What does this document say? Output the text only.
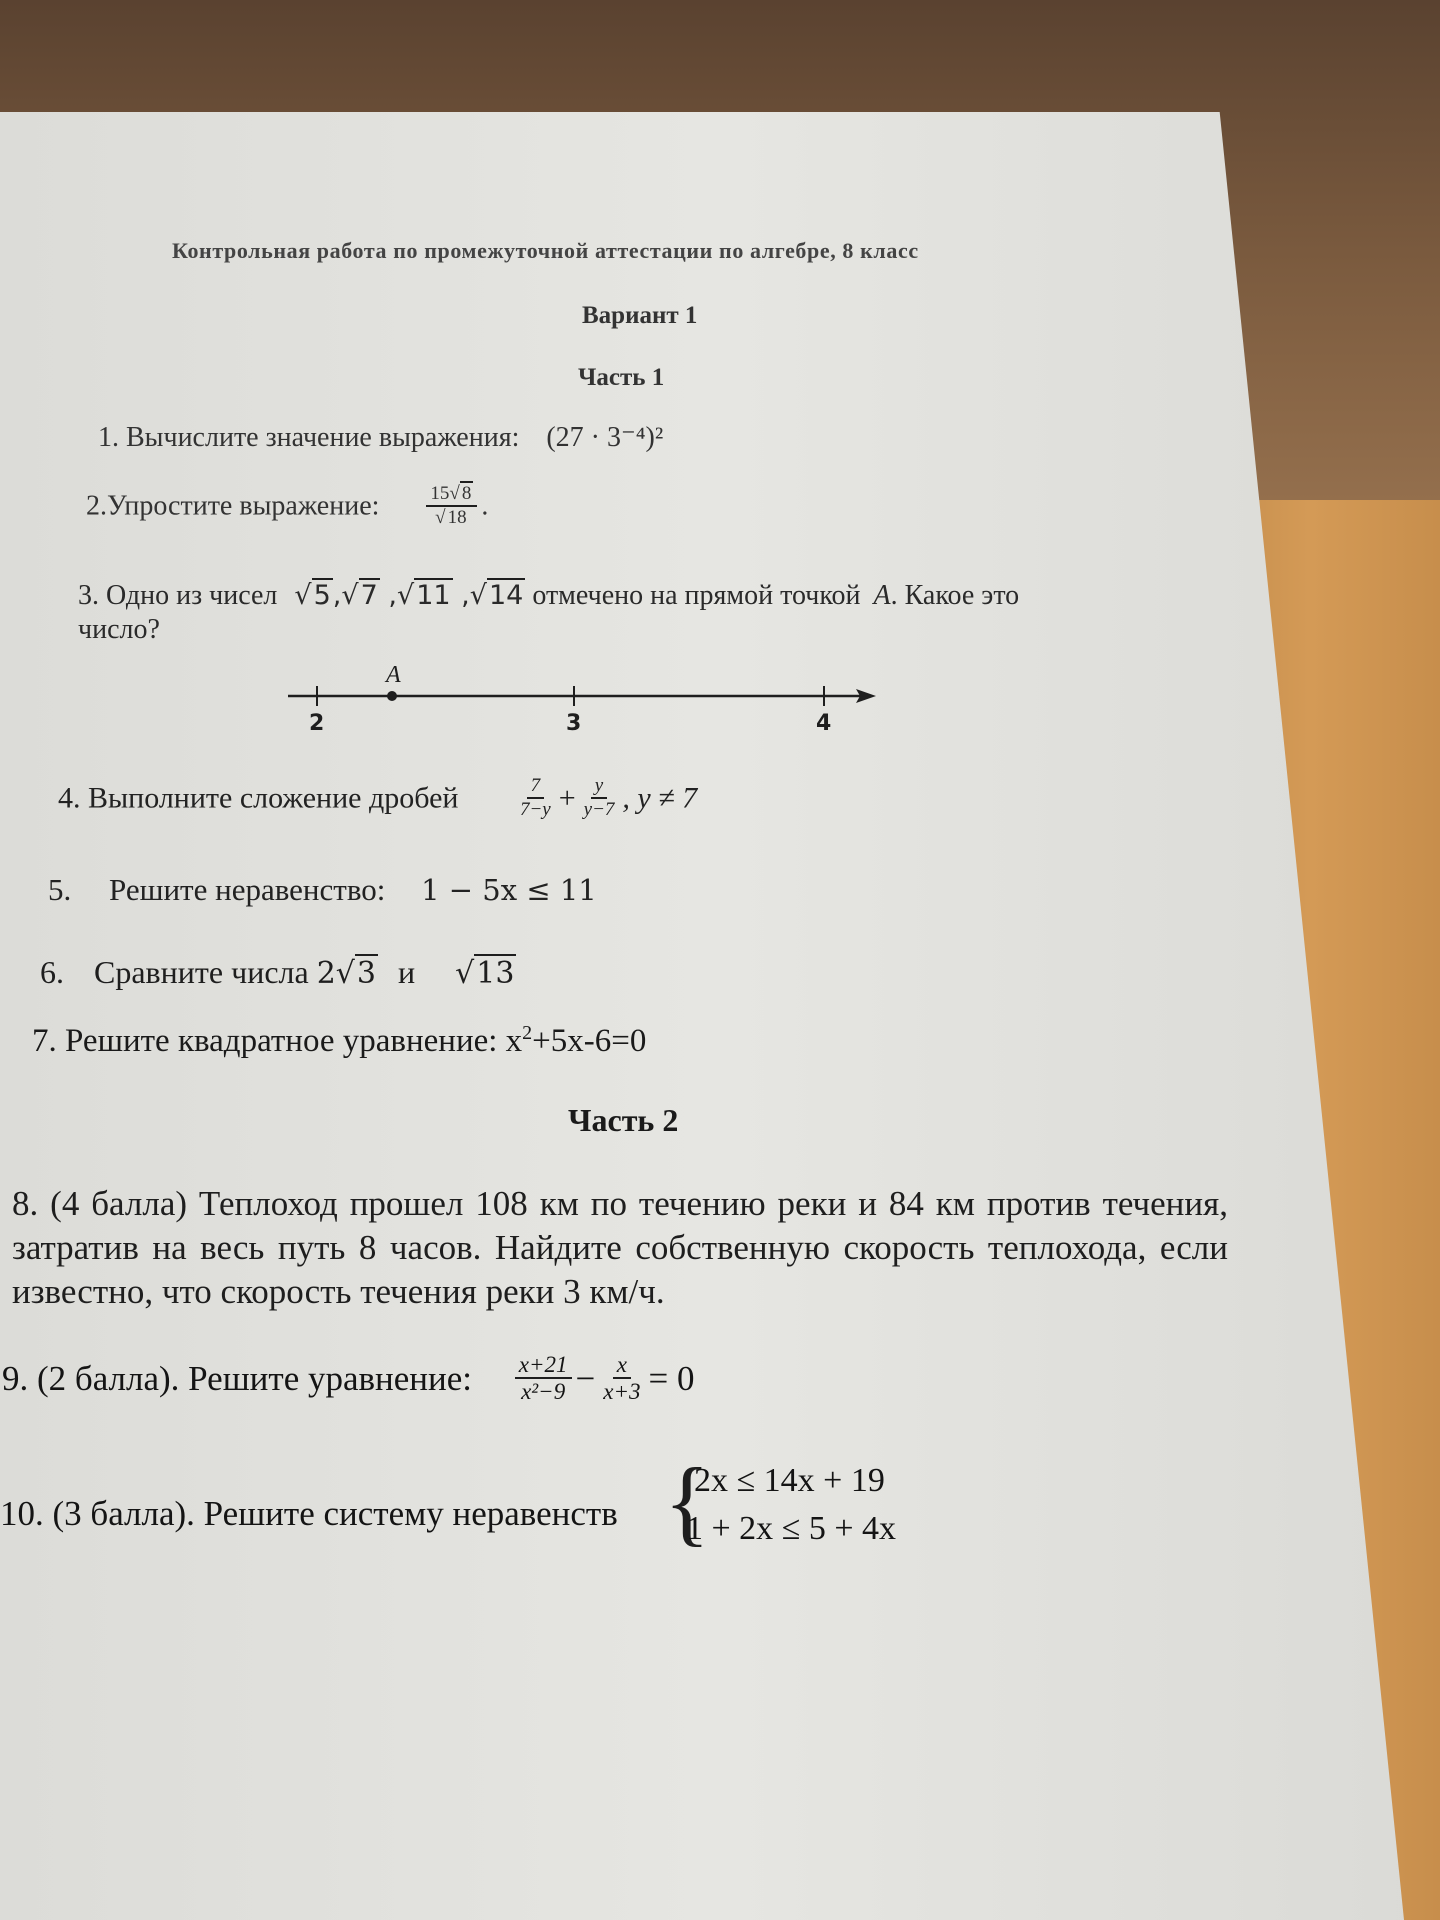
Контрольная работа по промежуточной аттестации по алгебре, 8 класс
Вариант 1
Часть 1
1. Вычислите значение выражения: (27 · 3⁻⁴)²
2.Упростите выражение: $\frac{15√ 8}{√ 18}$ .
3. Одно из чисел √5,√7 ,√11 ,√14 отмечено на прямой точкой А. Какое это
число?
A
2	3	4
4. Выполните сложение дробей	$\frac{7}{7-y} + \frac{y}{y-7}$ , y ≠ 7
5. Решите неравенство: 1 − 5x ≤ 11
6. Сравните числа 2√3 и √13
7. Решите квадратное уравнение: $x^2+5x-6=0$
Часть 2
8. (4 балла) Теплоход прошел 108 км по течению реки и 84 км против течения, затратив на весь путь 8 часов. Найдите собственную скорость теплохода, если известно, что скорость течения реки 3 км/ч.
9. (2 балла). Решите уравнение: $\frac{x+21}{\text{x²−9}} - \frac{x}{x+3} = 0$
10. (3 балла). Решите систему неравенств {
2x ≤ 14x + 19
1 + 2x ≤ 5 + 4x
